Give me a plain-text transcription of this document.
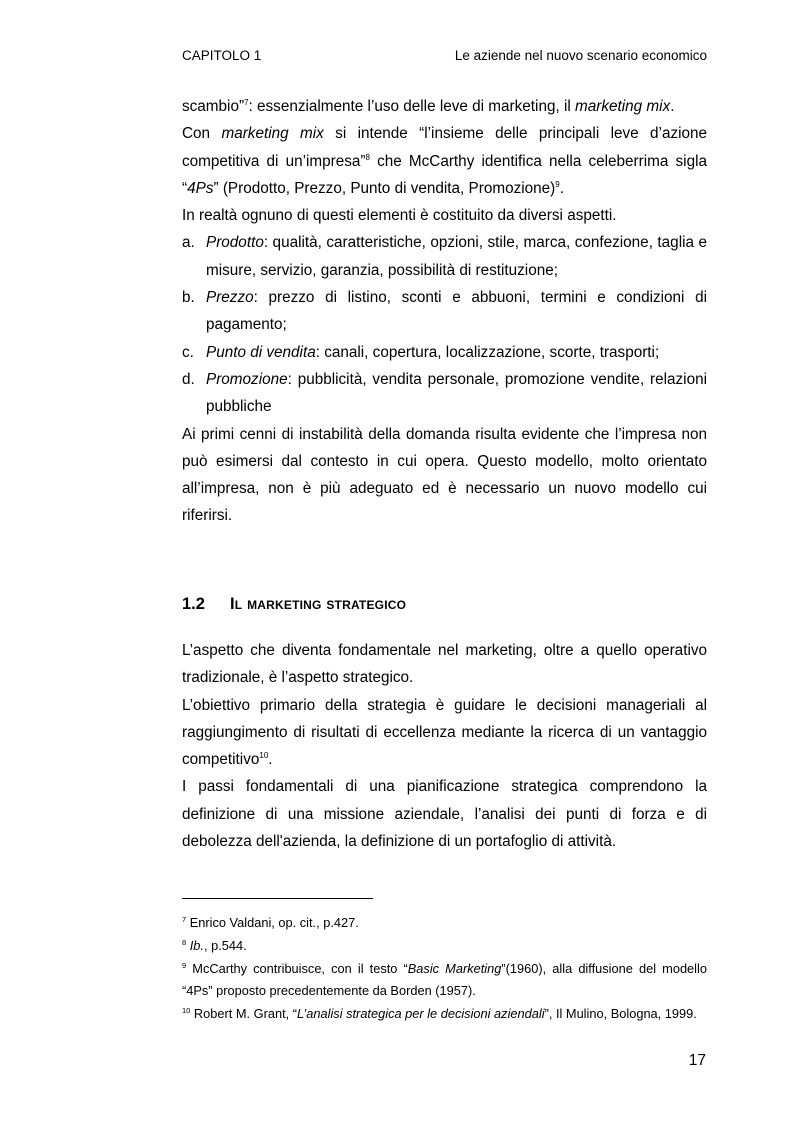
CAPITOLO 1	Le aziende nel nuovo scenario economico

scambio”$^7$: essenzialmente l’uso delle leve di marketing, il marketing mix.

Con marketing mix si intende “l’insieme delle principali leve d’azione competitiva di un’impresa”$^8$ che McCarthy identifica nella celeberrima sigla “4Ps” (Prodotto, Prezzo, Punto di vendita, Promozione)$^9$.

In realtà ognuno di questi elementi è costituito da diversi aspetti.

a. Prodotto: qualità, caratteristiche, opzioni, stile, marca, confezione, taglia e misure, servizio, garanzia, possibilità di restituzione;
b. Prezzo: prezzo di listino, sconti e abbuoni, termini e condizioni di pagamento;
c. Punto di vendita: canali, copertura, localizzazione, scorte, trasporti;
d. Promozione: pubblicità, vendita personale, promozione vendite, relazioni pubbliche

Ai primi cenni di instabilità della domanda risulta evidente che l’impresa non può esimersi dal contesto in cui opera. Questo modello, molto orientato all’impresa, non è più adeguato ed è necessario un nuovo modello cui riferirsi.

1.2 Il marketing strategico

L’aspetto che diventa fondamentale nel marketing, oltre a quello operativo tradizionale, è l’aspetto strategico.

L’obiettivo primario della strategia è guidare le decisioni manageriali al raggiungimento di risultati di eccellenza mediante la ricerca di un vantaggio competitivo$^{10}$.

I passi fondamentali di una pianificazione strategica comprendono la definizione di una missione aziendale, l’analisi dei punti di forza e di debolezza dell'azienda, la definizione di un portafoglio di attività.

$^7$ Enrico Valdani, op. cit., p.427.

$^8$ Ib., p.544.

$^9$ McCarthy contribuisce, con il testo “Basic Marketing”(1960), alla diffusione del modello “4Ps” proposto precedentemente da Borden (1957).

$^{10}$ Robert M. Grant, “L’analisi strategica per le decisioni aziendali”, Il Mulino, Bologna, 1999.

17
